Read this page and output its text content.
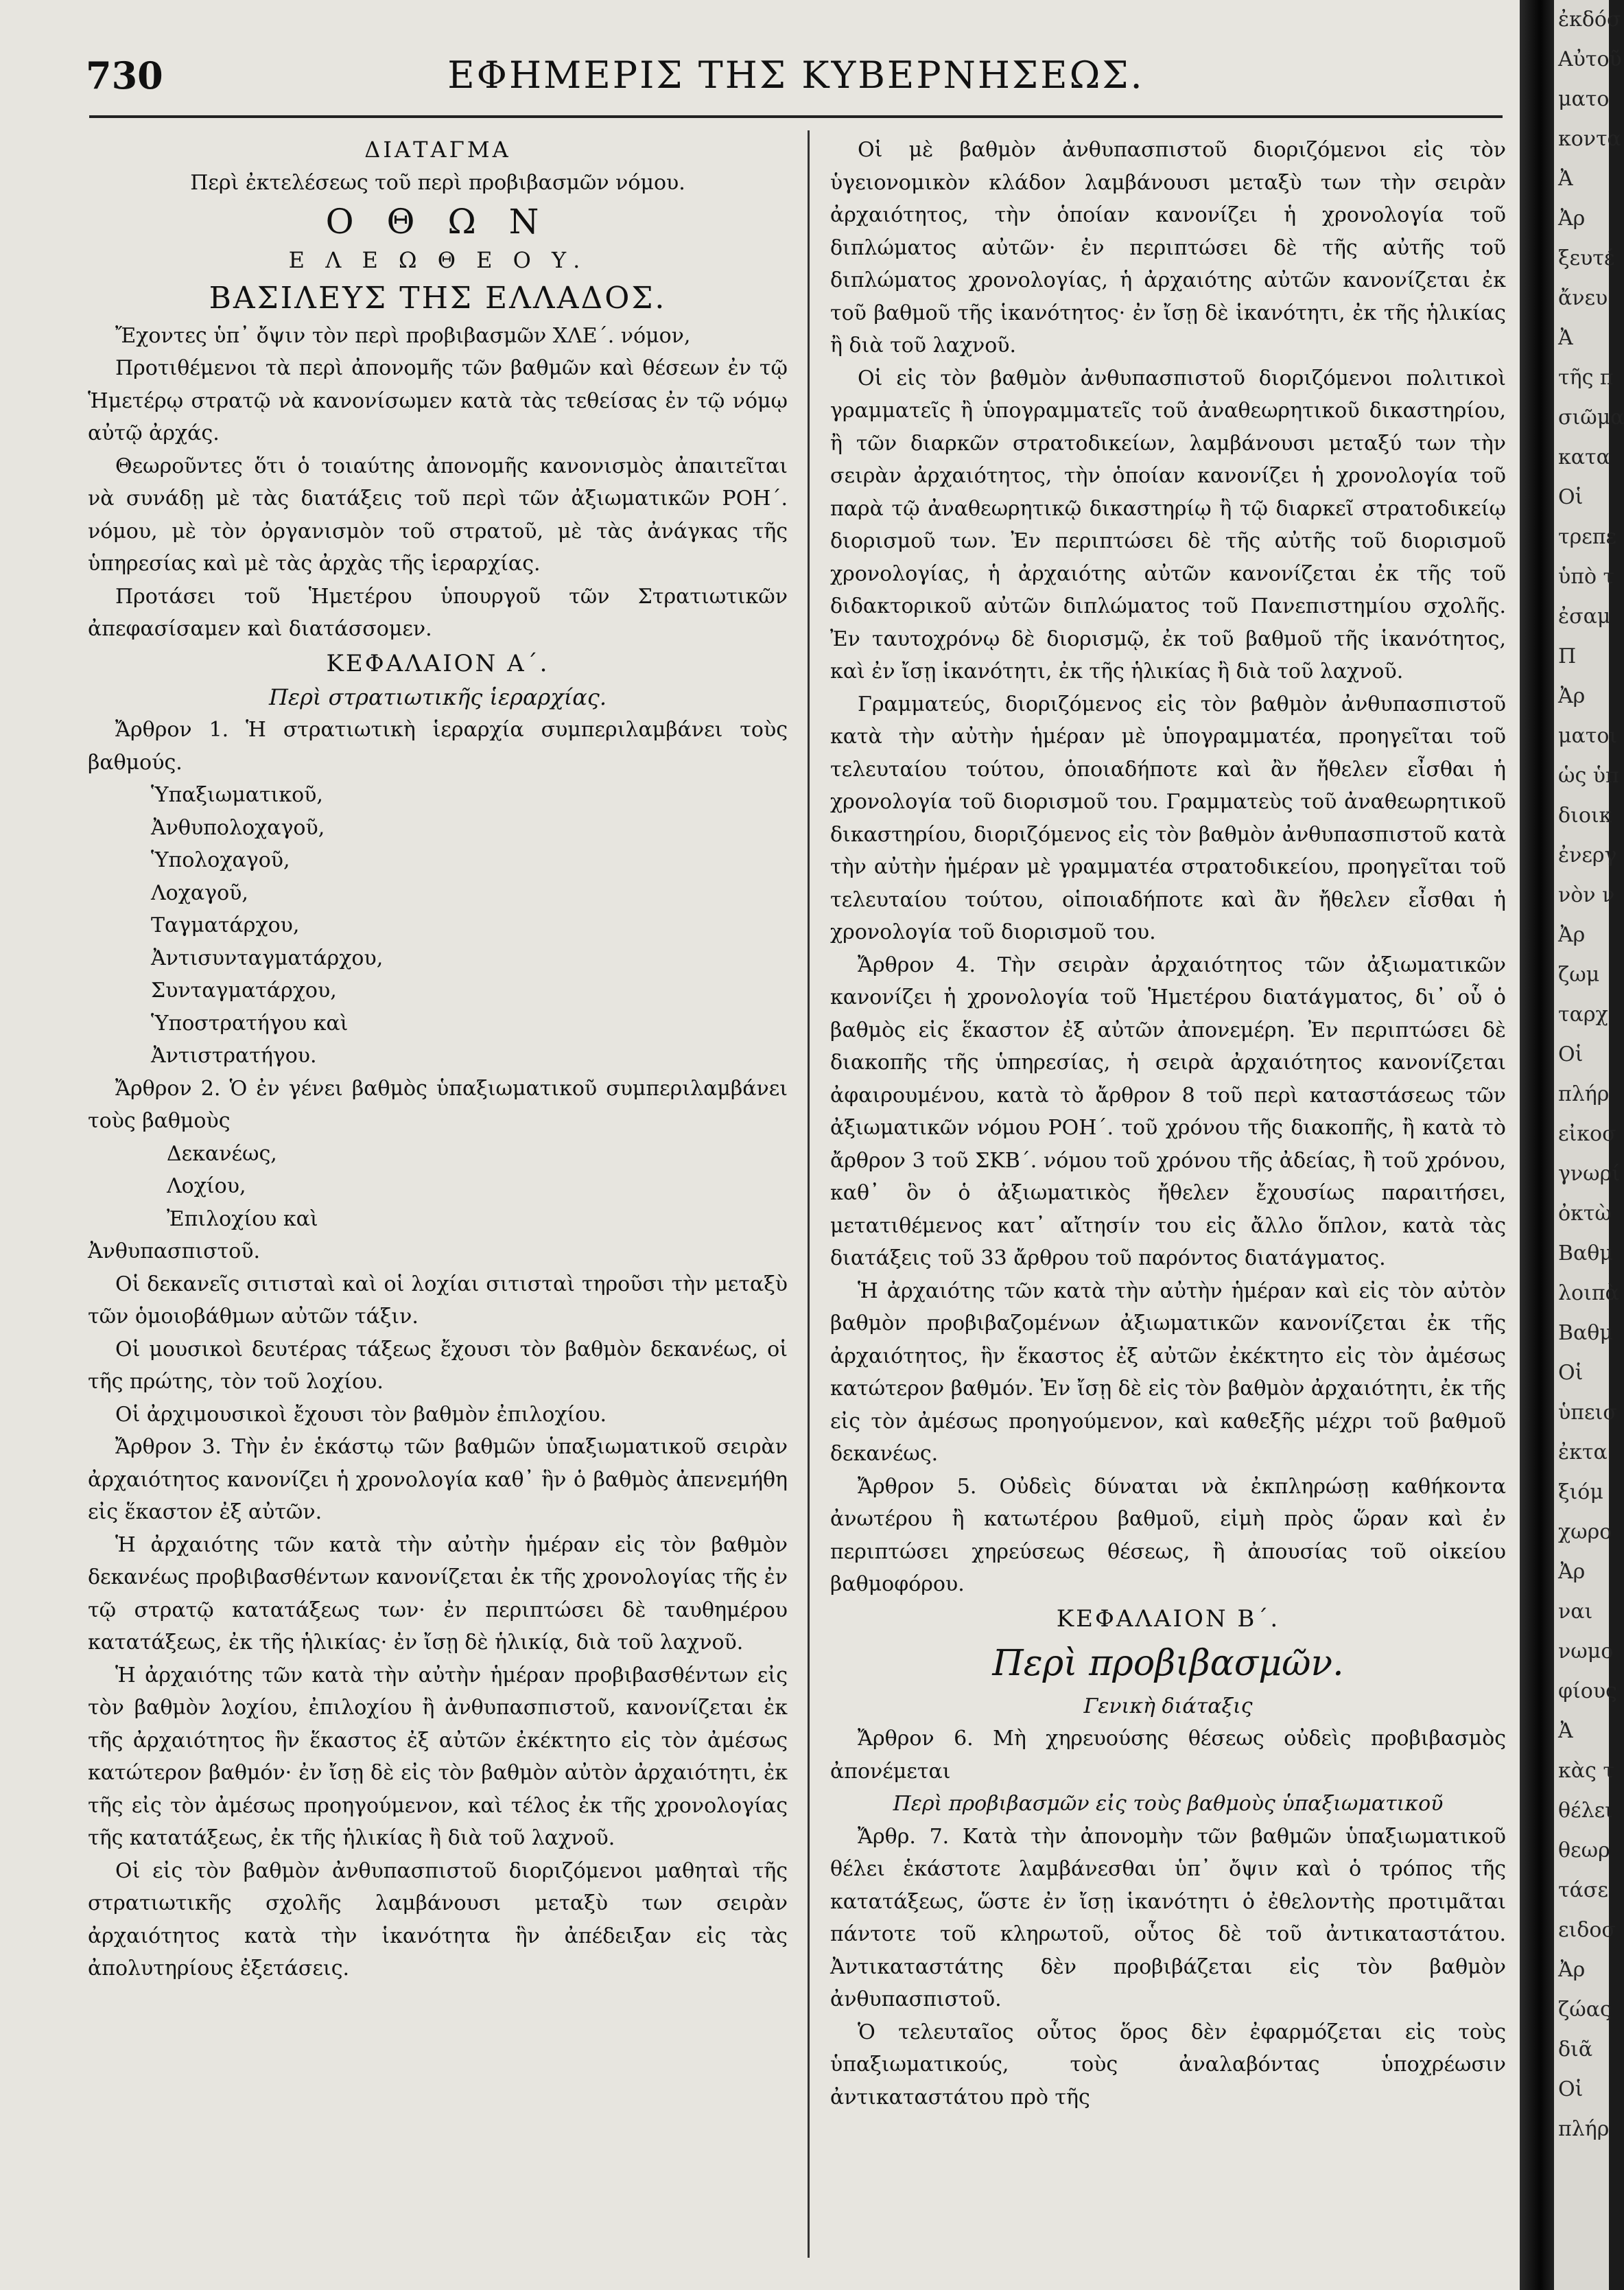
730	ΕΦΗΜΕΡΙΣ ΤΗΣ ΚΥΒΕΡΝΗΣΕΩΣ.

ΔΙΑΤΑΓΜΑ

Περὶ ἐκτελέσεως τοῦ περὶ προβιβασμῶν νόμου.

Ο Θ Ω Ν

Ε Λ Ε Ω Θ Ε Ο Υ.

ΒΑΣΙΛΕΥΣ ΤΗΣ ΕΛΛΑΔΟΣ.

Ἔχοντες ὑπ᾽ ὄψιν τὸν περὶ προβιβασμῶν ΧΛΕ΄. νόμον,

Προτιθέμενοι τὰ περὶ ἀπονομῆς τῶν βαθμῶν καὶ θέσεων ἐν τῷ Ἡμετέρῳ στρατῷ νὰ κανονίσωμεν κατὰ τὰς τεθείσας ἐν τῷ νόμῳ αὐτῷ ἀρχάς.

Θεωροῦντες ὅτι ὁ τοιαύτης ἀπονομῆς κανονισμὸς ἀπαιτεῖται νὰ συνάδῃ μὲ τὰς διατάξεις τοῦ περὶ τῶν ἀξιωματικῶν ΡΟΗ΄. νόμου, μὲ τὸν ὀργανισμὸν τοῦ στρατοῦ, μὲ τὰς ἀνάγκας τῆς ὑπηρεσίας καὶ μὲ τὰς ἀρχὰς τῆς ἱεραρχίας.

Προτάσει τοῦ Ἡμετέρου ὑπουργοῦ τῶν Στρατιωτικῶν ἀπεφασίσαμεν καὶ διατάσσομεν.

ΚΕΦΑΛΑΙΟΝ Α΄.

Περὶ στρατιωτικῆς ἱεραρχίας.

Ἄρθρον 1. Ἡ στρατιωτικὴ ἱεραρχία συμπεριλαμβάνει τοὺς βαθμούς.

Ὑπαξιωματικοῦ,
Ἀνθυπολοχαγοῦ,
Ὑπολοχαγοῦ,
Λοχαγοῦ,
Ταγματάρχου,
Ἀντισυνταγματάρχου,
Συνταγματάρχου,
Ὑποστρατήγου καὶ
Ἀντιστρατήγου.

Ἄρθρον 2. Ὁ ἐν γένει βαθμὸς ὑπαξιωματικοῦ συμπεριλαμβάνει τοὺς βαθμοὺς

Δεκανέως,
Λοχίου,
Ἐπιλοχίου καὶ

Ἀνθυπασπιστοῦ.

Οἱ δεκανεῖς σιτισταὶ καὶ οἱ λοχίαι σιτισταὶ τηροῦσι τὴν μεταξὺ τῶν ὁμοιοβάθμων αὐτῶν τάξιν.

Οἱ μουσικοὶ δευτέρας τάξεως ἔχουσι τὸν βαθμὸν δεκανέως, οἱ τῆς πρώτης, τὸν τοῦ λοχίου.

Οἱ ἀρχιμουσικοὶ ἔχουσι τὸν βαθμὸν ἐπιλοχίου.

Ἄρθρον 3. Τὴν ἐν ἑκάστῳ τῶν βαθμῶν ὑπαξιωματικοῦ σειρὰν ἀρχαιότητος κανονίζει ἡ χρονολογία καθ᾽ ἣν ὁ βαθμὸς ἀπενεμήθη εἰς ἕκαστον ἐξ αὐτῶν.

Ἡ ἀρχαιότης τῶν κατὰ τὴν αὐτὴν ἡμέραν εἰς τὸν βαθμὸν δεκανέως προβιβασθέντων κανονίζεται ἐκ τῆς χρονολογίας τῆς ἐν τῷ στρατῷ κατατάξεως των· ἐν περιπτώσει δὲ ταυθημέρου κατατάξεως, ἐκ τῆς ἡλικίας· ἐν ἴσῃ δὲ ἡλικίᾳ, διὰ τοῦ λαχνοῦ.

Ἡ ἀρχαιότης τῶν κατὰ τὴν αὐτὴν ἡμέραν προβιβασθέντων εἰς τὸν βαθμὸν λοχίου, ἐπιλοχίου ἢ ἀνθυπασπιστοῦ, κανονίζεται ἐκ τῆς ἀρχαιότητος ἣν ἕκαστος ἐξ αὐτῶν ἐκέκτητο εἰς τὸν ἀμέσως κατώτερον βαθμόν· ἐν ἴσῃ δὲ εἰς τὸν βαθμὸν αὐτὸν ἀρχαιότητι, ἐκ τῆς εἰς τὸν ἀμέσως προηγούμενον, καὶ τέλος ἐκ τῆς χρονολογίας τῆς κατατάξεως, ἐκ τῆς ἡλικίας ἢ διὰ τοῦ λαχνοῦ.

Οἱ εἰς τὸν βαθμὸν ἀνθυπασπιστοῦ διοριζόμενοι μαθηταὶ τῆς στρατιωτικῆς σχολῆς λαμβάνουσι μεταξὺ των σειρὰν ἀρχαιότητος κατὰ τὴν ἱκανότητα ἣν ἀπέδειξαν εἰς τὰς ἀπολυτηρίους ἐξετάσεις.

Οἱ μὲ βαθμὸν ἀνθυπασπιστοῦ διοριζόμενοι εἰς τὸν ὑγειονομικὸν κλάδον λαμβάνουσι μεταξὺ των τὴν σειρὰν ἀρχαιότητος, τὴν ὁποίαν κανονίζει ἡ χρονολογία τοῦ διπλώματος αὐτῶν· ἐν περιπτώσει δὲ τῆς αὐτῆς τοῦ διπλώματος χρονολογίας, ἡ ἀρχαιότης αὐτῶν κανονίζεται ἐκ τοῦ βαθμοῦ τῆς ἱκανότητος· ἐν ἴσῃ δὲ ἱκανότητι, ἐκ τῆς ἡλικίας ἢ διὰ τοῦ λαχνοῦ.

Οἱ εἰς τὸν βαθμὸν ἀνθυπασπιστοῦ διοριζόμενοι πολιτικοὶ γραμματεῖς ἢ ὑπογραμματεῖς τοῦ ἀναθεωρητικοῦ δικαστηρίου, ἢ τῶν διαρκῶν στρατοδικείων, λαμβάνουσι μεταξύ των τὴν σειρὰν ἀρχαιότητος, τὴν ὁποίαν κανονίζει ἡ χρονολογία τοῦ παρὰ τῷ ἀναθεωρητικῷ δικαστηρίῳ ἢ τῷ διαρκεῖ στρατοδικείῳ διορισμοῦ των. Ἐν περιπτώσει δὲ τῆς αὐτῆς τοῦ διορισμοῦ χρονολογίας, ἡ ἀρχαιότης αὐτῶν κανονίζεται ἐκ τῆς τοῦ διδακτορικοῦ αὐτῶν διπλώματος τοῦ Πανεπιστημίου σχολῆς. Ἐν ταυτοχρόνῳ δὲ διορισμῷ, ἐκ τοῦ βαθμοῦ τῆς ἱκανότητος, καὶ ἐν ἴσῃ ἱκανότητι, ἐκ τῆς ἡλικίας ἢ διὰ τοῦ λαχνοῦ.

Γραμματεύς, διοριζόμενος εἰς τὸν βαθμὸν ἀνθυπασπιστοῦ κατὰ τὴν αὐτὴν ἡμέραν μὲ ὑπογραμματέα, προηγεῖται τοῦ τελευταίου τούτου, ὁποιαδήποτε καὶ ἂν ἤθελεν εἶσθαι ἡ χρονολογία τοῦ διορισμοῦ του. Γραμματεὺς τοῦ ἀναθεωρητικοῦ δικαστηρίου, διοριζόμενος εἰς τὸν βαθμὸν ἀνθυπασπιστοῦ κατὰ τὴν αὐτὴν ἡμέραν μὲ γραμματέα στρατοδικείου, προηγεῖται τοῦ τελευταίου τούτου, οἱποιαδήποτε καὶ ἂν ἤθελεν εἶσθαι ἡ χρονολογία τοῦ διορισμοῦ του.

Ἄρθρον 4. Τὴν σειρὰν ἀρχαιότητος τῶν ἀξιωματικῶν κανονίζει ἡ χρονολογία τοῦ Ἡμετέρου διατάγματος, δι᾽ οὗ ὁ βαθμὸς εἰς ἕκαστον ἐξ αὐτῶν ἀπονεμέρη. Ἐν περιπτώσει δὲ διακοπῆς τῆς ὑπηρεσίας, ἡ σειρὰ ἀρχαιότητος κανονίζεται ἀφαιρουμένου, κατὰ τὸ ἄρθρον 8 τοῦ περὶ καταστάσεως τῶν ἀξιωματικῶν νόμου ΡΟΗ΄. τοῦ χρόνου τῆς διακοπῆς, ἢ κατὰ τὸ ἄρθρον 3 τοῦ ΣΚΒ΄. νόμου τοῦ χρόνου τῆς ἀδείας, ἢ τοῦ χρόνου, καθ᾽ ὃν ὁ ἀξιωματικὸς ἤθελεν ἔχουσίως παραιτήσει, μετατιθέμενος κατ᾽ αἴτησίν του εἰς ἄλλο ὅπλον, κατὰ τὰς διατάξεις τοῦ 33 ἄρθρου τοῦ παρόντος διατάγματος.

Ἡ ἀρχαιότης τῶν κατὰ τὴν αὐτὴν ἡμέραν καὶ εἰς τὸν αὐτὸν βαθμὸν προβιβαζομένων ἀξιωματικῶν κανονίζεται ἐκ τῆς ἀρχαιότητος, ἣν ἕκαστος ἐξ αὐτῶν ἐκέκτητο εἰς τὸν ἀμέσως κατώτερον βαθμόν. Ἐν ἴσῃ δὲ εἰς τὸν βαθμὸν ἀρχαιότητι, ἐκ τῆς εἰς τὸν ἀμέσως προηγούμενον, καὶ καθεξῆς μέχρι τοῦ βαθμοῦ δεκανέως.

Ἄρθρον 5. Οὐδεὶς δύναται νὰ ἐκπληρώσῃ καθήκοντα ἀνωτέρου ἢ κατωτέρου βαθμοῦ, εἰμὴ πρὸς ὥραν καὶ ἐν περιπτώσει χηρεύσεως θέσεως, ἢ ἀπουσίας τοῦ οἰκείου βαθμοφόρου.

ΚΕΦΑΛΑΙΟΝ Β΄.

Περὶ προβιβασμῶν.

Γενικὴ διάταξις

Ἄρθρον 6. Μὴ χηρευούσης θέσεως οὐδεὶς προβιβασμὸς ἀπονέμεται

Περὶ προβιβασμῶν εἰς τοὺς βαθμοὺς ὑπαξιωματικοῦ

Ἄρθρ. 7. Κατὰ τὴν ἀπονομὴν τῶν βαθμῶν ὑπαξιωματικοῦ θέλει ἑκάστοτε λαμβάνεσθαι ὑπ᾽ ὄψιν καὶ ὁ τρόπος τῆς κατατάξεως, ὥστε ἐν ἴσῃ ἱκανότητι ὁ ἐθελοντὴς προτιμᾶται πάντοτε τοῦ κληρωτοῦ, οὗτος δὲ τοῦ ἀντικαταστάτου. Ἀντικαταστάτης δὲν προβιβάζεται εἰς τὸν βαθμὸν ἀνθυπασπιστοῦ.

Ὁ τελευταῖος οὗτος ὅρος δὲν ἐφαρμόζεται εἰς τοὺς ὑπαξιωματικούς, τοὺς ἀναλαβόντας ὑποχρέωσιν ἀντικαταστάτου πρὸ τῆς

ἐκδόσ
Αὐτοῦ
ματο
κοντα
Ἀ
Ἀρ
ξευτέ
ἄνευ
Ἀ
τῆς π
σιῶμα
κατα
Οἱ
τρεπε
ὑπὸ τ
ἐσαμ
Π
Ἀρ
ματοι
ὡς ὑπ
διοικ
ἐνεργ
νὸν ν
Ἀρ
ζωμ
ταρχ
Οἱ
πλήρ
εἰκοσ
γνωρί
ὀκτὼ
Βαθμ
λοιπὰ
Βαθμ
Οἱ
ὑπεισ
ἐκτα
ξιόμ
χωρο
Ἀρ
ναι
νωμο
φίους
Ἀ
κὰς τ
θέλει
θεωρ
τάσε
ειδοσ
Ἀρ
ζώας
διᾶ
Οἱ
πλήρ
